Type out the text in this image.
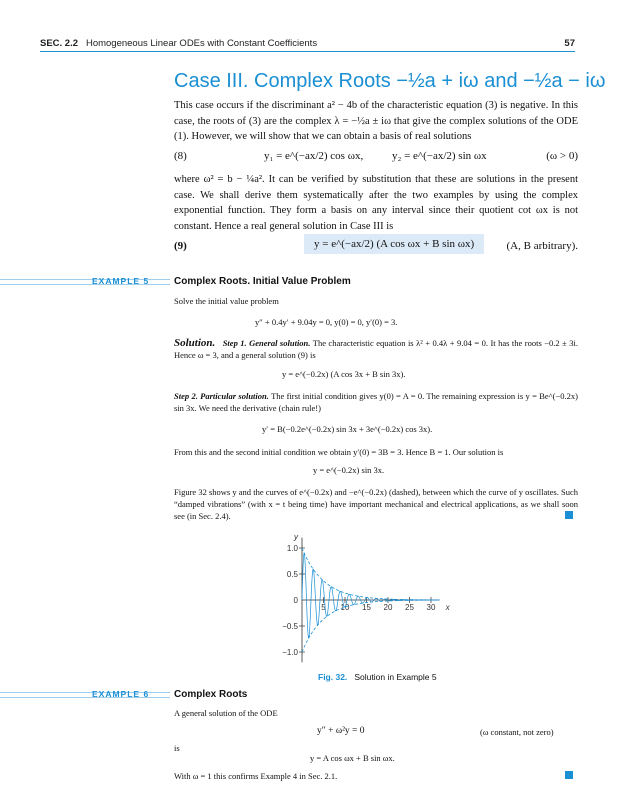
SEC. 2.2 Homogeneous Linear ODEs with Constant Coefficients	57
Case III. Complex Roots −½a + iω and −½a − iω
This case occurs if the discriminant a² − 4b of the characteristic equation (3) is negative. In this case, the roots of (3) are the complex λ = −½a ± iω that give the complex solutions of the ODE (1). However, we will show that we can obtain a basis of real solutions
(8)	y₁ = e^(−ax/2) cos ωx,	y₂ = e^(−ax/2) sin ωx	(ω > 0)
where ω² = b − ¼a². It can be verified by substitution that these are solutions in the present case. We shall derive them systematically after the two examples by using the complex exponential function. They form a basis on any interval since their quotient cot ωx is not constant. Hence a real general solution in Case III is
(9)	y = e^(−ax/2) (A cos ωx + B sin ωx)	(A, B arbitrary).
EXAMPLE 5 Complex Roots. Initial Value Problem
Solve the initial value problem
y″ + 0.4y′ + 9.04y = 0, y(0) = 0, y′(0) = 3.
Solution. Step 1. General solution. The characteristic equation is λ² + 0.4λ + 9.04 = 0. It has the roots −0.2 ± 3i. Hence ω = 3, and a general solution (9) is
y = e^(−0.2x) (A cos 3x + B sin 3x).
Step 2. Particular solution. The first initial condition gives y(0) = A = 0. The remaining expression is y = Be^(−0.2x) sin 3x. We need the derivative (chain rule!)
y′ = B(−0.2e^(−0.2x) sin 3x + 3e^(−0.2x) cos 3x).
From this and the second initial condition we obtain y′(0) = 3B = 3. Hence B = 1. Our solution is
y = e^(−0.2x) sin 3x.
Figure 32 shows y and the curves of e^(−0.2x) and −e^(−0.2x) (dashed), between which the curve of y oscillates. Such “damped vibrations” (with x = t being time) have important mechanical and electrical applications, as we shall soon see (in Sec. 2.4).
5 10 15 20 25 30
1.0
0.5
0
−0.5
−1.0
x
y
Fig. 32. Solution in Example 5
EXAMPLE 6 Complex Roots
A general solution of the ODE
y″ + ω²y = 0	(ω constant, not zero)
is
y = A cos ωx + B sin ωx.
With ω = 1 this confirms Example 4 in Sec. 2.1.
